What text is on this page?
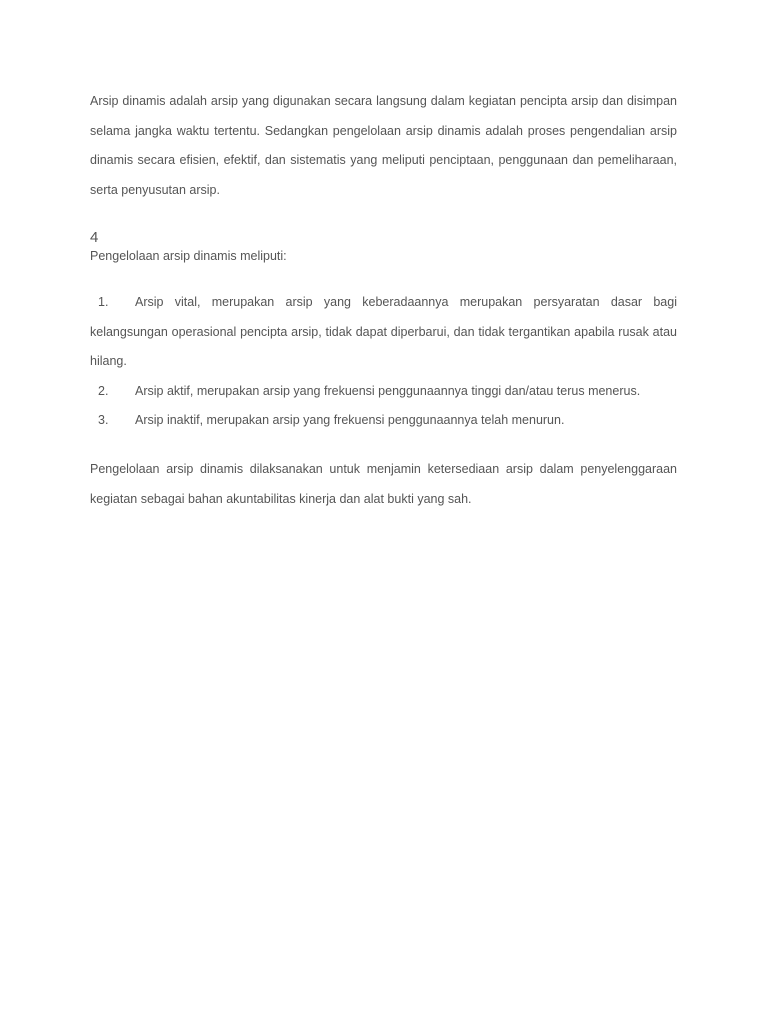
Arsip dinamis adalah arsip yang digunakan secara langsung dalam kegiatan pencipta arsip dan disimpan selama jangka waktu tertentu. Sedangkan pengelolaan arsip dinamis adalah proses pengendalian arsip dinamis secara efisien, efektif, dan sistematis yang meliputi penciptaan, penggunaan dan pemeliharaan, serta penyusutan arsip.

4

Pengelolaan arsip dinamis meliputi:

1.	Arsip vital, merupakan arsip yang keberadaannya merupakan persyaratan dasar bagi kelangsungan operasional pencipta arsip, tidak dapat diperbarui, dan tidak tergantikan apabila rusak atau hilang.
2. Arsip aktif, merupakan arsip yang frekuensi penggunaannya tinggi dan/atau terus menerus.
3. Arsip inaktif, merupakan arsip yang frekuensi penggunaannya telah menurun.

Pengelolaan arsip dinamis dilaksanakan untuk menjamin ketersediaan arsip dalam penyelenggaraan kegiatan sebagai bahan akuntabilitas kinerja dan alat bukti yang sah.
